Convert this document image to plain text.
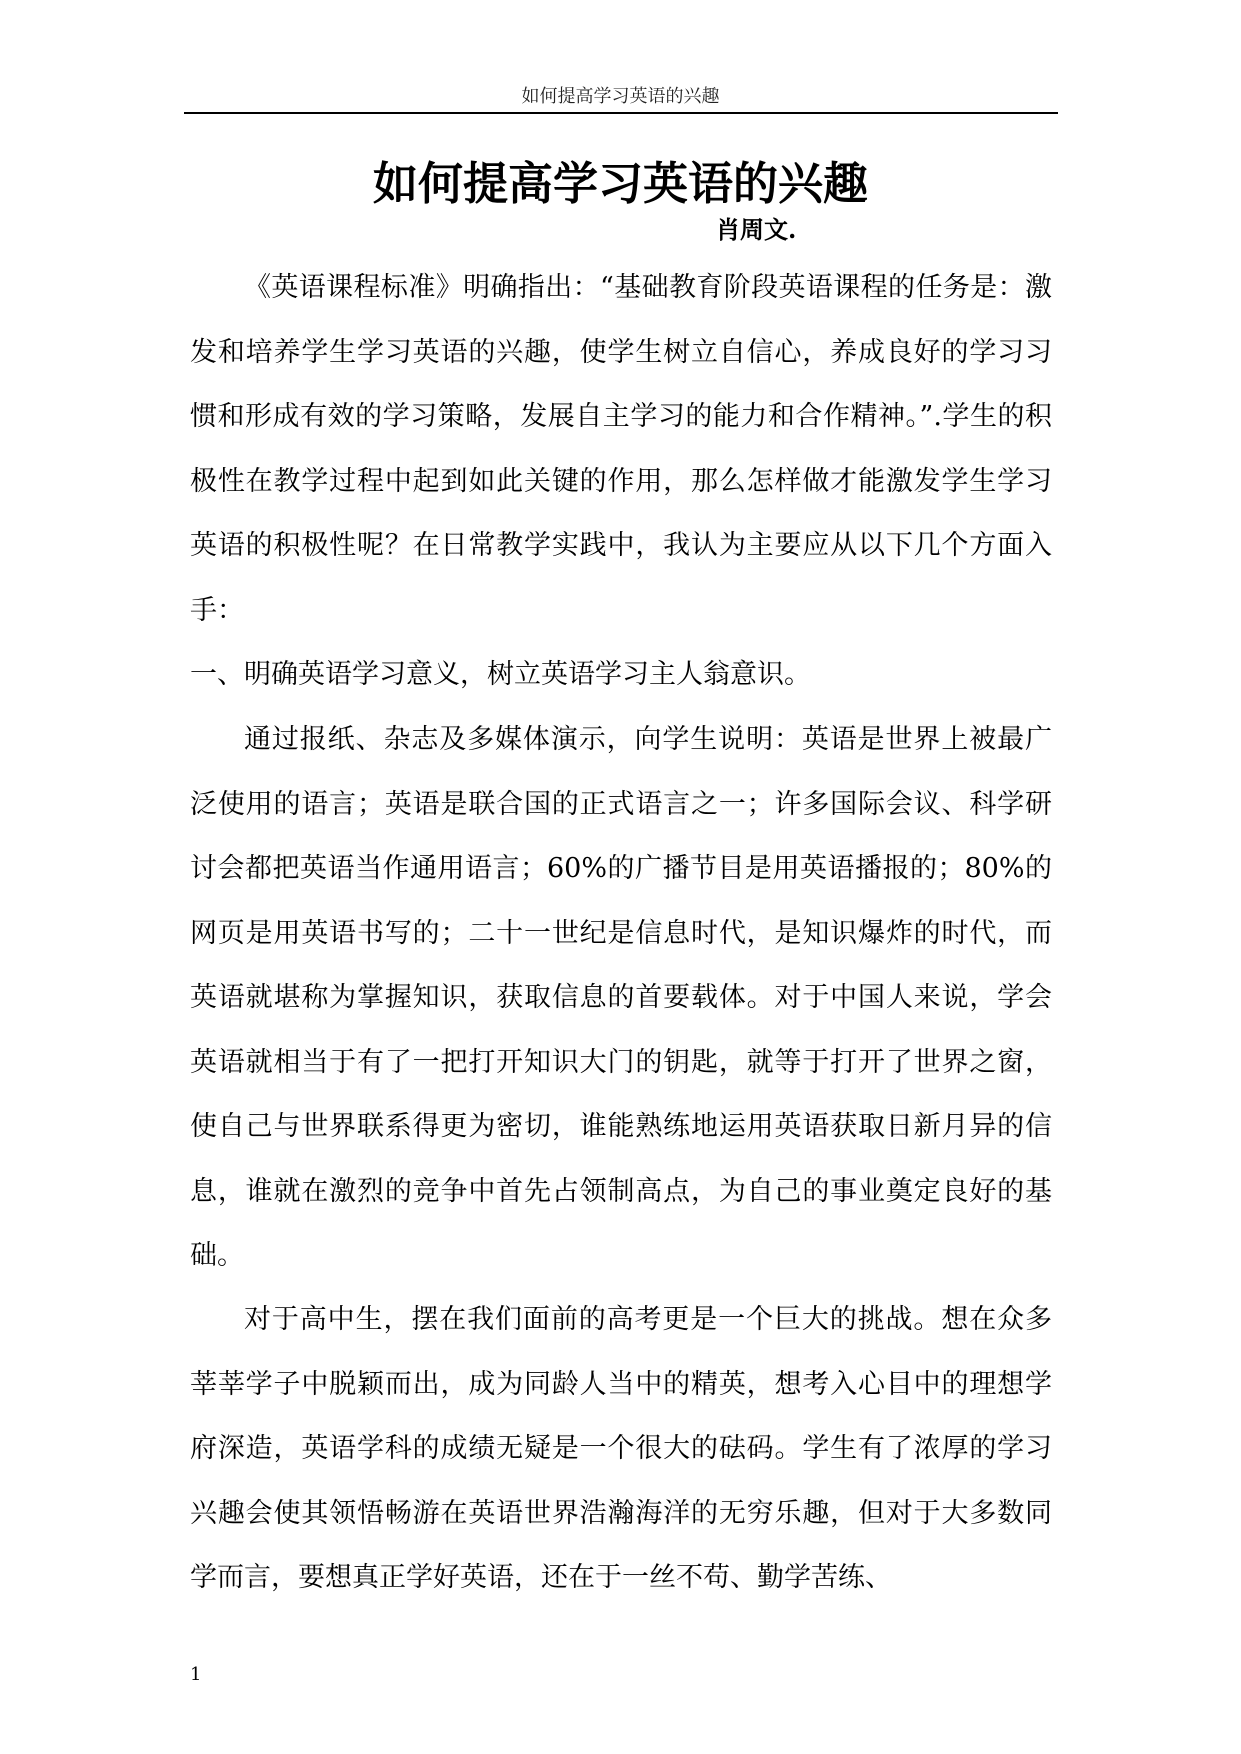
如何提高学习英语的兴趣
如何提高学习英语的兴趣
肖周文.

《英语课程标准》明确指出：“基础教育阶段英语课程的任务是：激发和培养学生学习英语的兴趣，使学生树立自信心，养成良好的学习习惯和形成有效的学习策略，发展自主学习的能力和合作精神。”.学生的积极性在教学过程中起到如此关键的作用，那么怎样做才能激发学生学习英语的积极性呢？在日常教学实践中，我认为主要应从以下几个方面入手：

一、明确英语学习意义，树立英语学习主人翁意识。

通过报纸、杂志及多媒体演示，向学生说明：英语是世界上被最广泛使用的语言；英语是联合国的正式语言之一；许多国际会议、科学研讨会都把英语当作通用语言；60%的广播节目是用英语播报的；80%的网页是用英语书写的；二十一世纪是信息时代，是知识爆炸的时代，而英语就堪称为掌握知识，获取信息的首要载体。对于中国人来说，学会英语就相当于有了一把打开知识大门的钥匙，就等于打开了世界之窗，使自己与世界联系得更为密切，谁能熟练地运用英语获取日新月异的信息，谁就在激烈的竞争中首先占领制高点，为自己的事业奠定良好的基础。

对于高中生，摆在我们面前的高考更是一个巨大的挑战。想在众多莘莘学子中脱颖而出，成为同龄人当中的精英，想考入心目中的理想学府深造，英语学科的成绩无疑是一个很大的砝码。学生有了浓厚的学习兴趣会使其领悟畅游在英语世界浩瀚海洋的无穷乐趣，但对于大多数同学而言，要想真正学好英语，还在于一丝不苟、勤学苦练、

1
